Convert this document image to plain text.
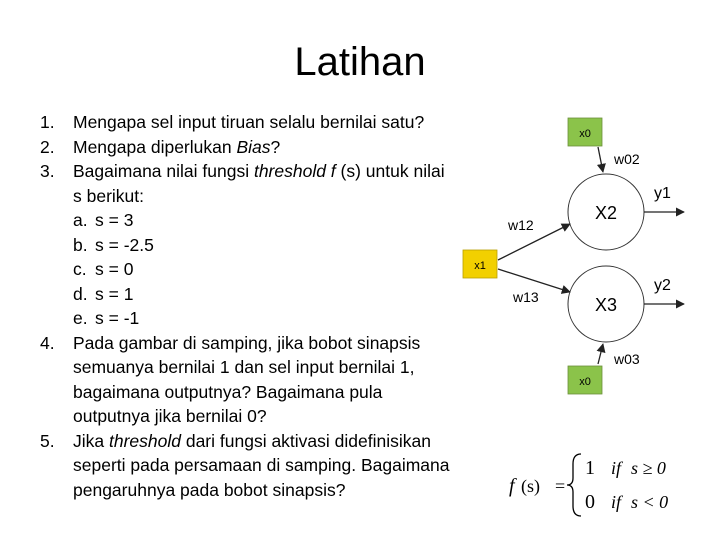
Latihan
1. Mengapa sel input tiruan selalu bernilai satu?
2. Mengapa diperlukan Bias?
3. Bagaimana nilai fungsi threshold f (s) untuk nilai
s berikut:
a. s = 3
b. s = -2.5
c. s = 0
d. s = 1
e. s = -1
4. Pada gambar di samping, jika bobot sinapsis
semuanya bernilai 1 dan sel input bernilai 1,
bagaimana outputnya? Bagaimana pula
outputnya jika bernilai 0?
5. Jika threshold dari fungsi aktivasi didefinisikan
seperti pada persamaan di samping. Bagaimana
pengaruhnya pada bobot sinapsis?
x0
x1
x0
X2
X3
w02
w12
w13
w03
y1
y2
f (s) =
1 if s ≥ 0
0 if s < 0
